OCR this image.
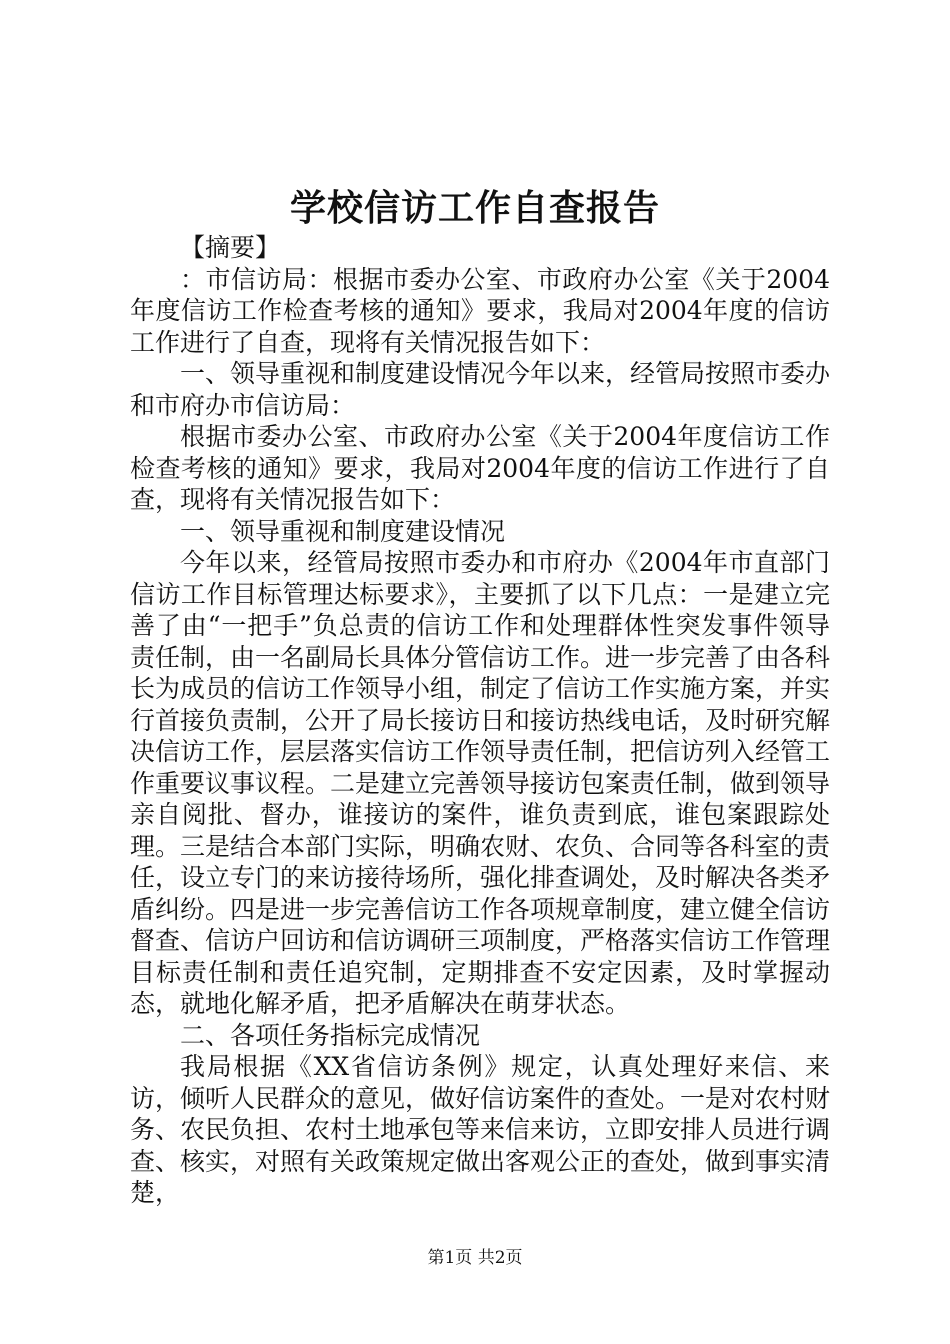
学校信访工作自查报告

【摘要】

：市信访局：根据市委办公室、市政府办公室《关于2004年度信访工作检查考核的通知》要求，我局对2004年度的信访工作进行了自查，现将有关情况报告如下：

一、领导重视和制度建设情况今年以来，经管局按照市委办和市府办市信访局：

根据市委办公室、市政府办公室《关于2004年度信访工作检查考核的通知》要求，我局对2004年度的信访工作进行了自查，现将有关情况报告如下：

一、领导重视和制度建设情况

今年以来，经管局按照市委办和市府办《2004年市直部门信访工作目标管理达标要求》，主要抓了以下几点：一是建立完善了由“一把手”负总责的信访工作和处理群体性突发事件领导责任制，由一名副局长具体分管信访工作。进一步完善了由各科长为成员的信访工作领导小组，制定了信访工作实施方案，并实行首接负责制，公开了局长接访日和接访热线电话，及时研究解决信访工作，层层落实信访工作领导责任制，把信访列入经管工作重要议事议程。二是建立完善领导接访包案责任制，做到领导亲自阅批、督办，谁接访的案件，谁负责到底，谁包案跟踪处理。三是结合本部门实际，明确农财、农负、合同等各科室的责任，设立专门的来访接待场所，强化排查调处，及时解决各类矛盾纠纷。四是进一步完善信访工作各项规章制度，建立健全信访督查、信访户回访和信访调研三项制度，严格落实信访工作管理目标责任制和责任追究制，定期排查不安定因素，及时掌握动态，就地化解矛盾，把矛盾解决在萌芽状态。

二、各项任务指标完成情况

我局根据《XX省信访条例》规定，认真处理好来信、来访，倾听人民群众的意见，做好信访案件的查处。一是对农村财务、农民负担、农村土地承包等来信来访，立即安排人员进行调查、核实，对照有关政策规定做出客观公正的查处，做到事实清楚，

第1页 共2页
